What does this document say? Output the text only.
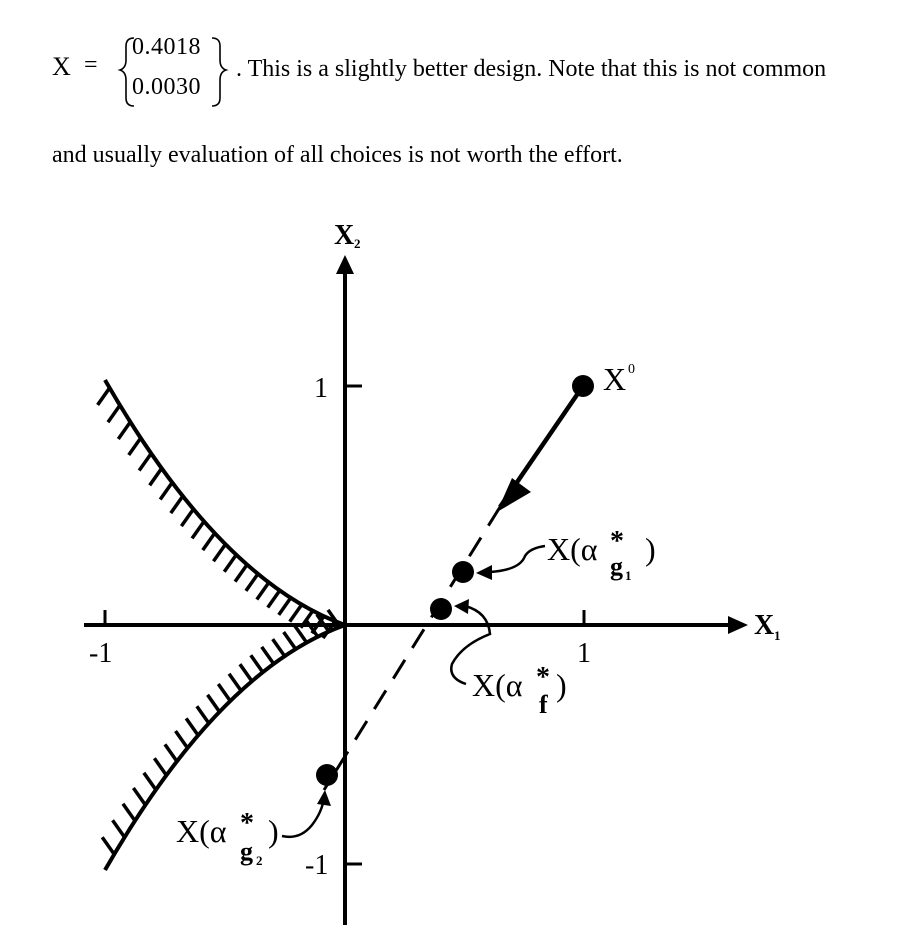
X =
0.4018
0.0030
. This is a slightly better design. Note that this is not common
and usually evaluation of all choices is not worth the effort.
-1	1
1
-1
X 2
X 1
X 0
X(α *
g 1
)
X(α *
f
)
X(α *
g 2
)
